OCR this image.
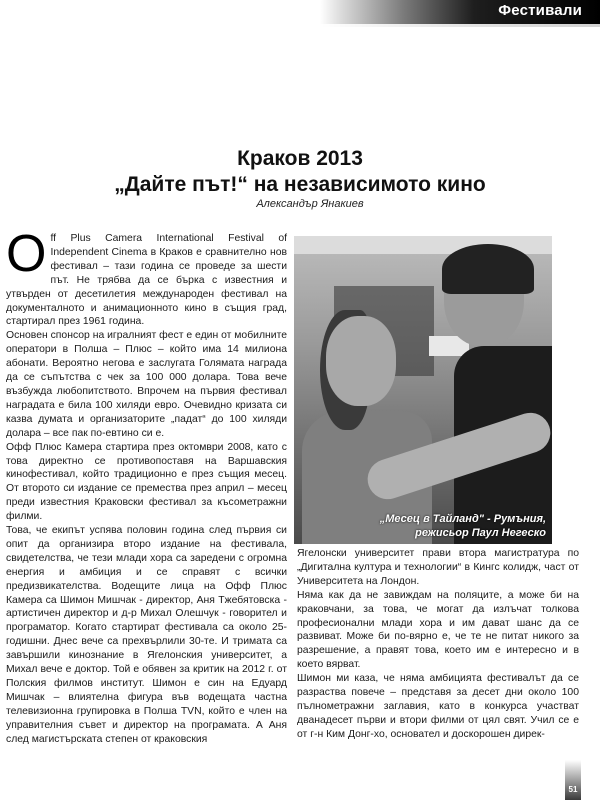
Фестивали
Краков 2013
„Дайте път!“ на независимото кино
Александър Янакиев

Off Plus Camera International Festival of Independent Cinema в Краков е сравнително нов фестивал – тази година се проведе за шести път. Не трябва да се бърка с известния и утвърден от десетилетия международен фестивал на документалното и анимационното кино в същия град, стартирал през 1961 година.

Основен спонсор на игралният фест е един от мобилните оператори в Полша – Плюс – който има 14 милиона абонати. Вероятно негова е заслугата Голямата награда да се съпътства с чек за 100 000 долара. Това вече възбужда любопитството. Впрочем на първия фестивал наградата е била 100 хиляди евро. Очевидно кризата си казва думата и организаторите „падат“ до 100 хиляди долара – все пак по-евтино си е.

Офф Плюс Камера стартира през октомври 2008, като с това директно се противопоставя на Варшавския кинофестивал, който традиционно е през същия месец. От второто си издание се премества през април – месец преди известния Краковски фестивал за късометражни филми.

Това, че екипът успява половин година след първия си опит да организира второ издание на фестивала, свидетелства, че тези млади хора са заредени с огромна енергия и амбиция и се справят с всички предизвикателства. Водещите лица на Офф Плюс Камера са Шимон Мишчак - директор, Аня Тжебятовска - артистичен директор и д-р Михал Олешчук - говорител и програматор. Когато стартират фестивала са около 25-годишни. Днес вече са прехвърлили 30-те. И тримата са завършили кинознание в Ягелонския университет, а Михал вече е доктор. Той е обявен за критик на 2012 г. от Полския филмов институт. Шимон е син на Едуард Мишчак – влиятелна фигура във водещата частна телевизионна групировка в Полша TVN, който е член на управителния съвет и директор на програмата. А Аня след магистърската степен от краковския

„Месец в Тайланд" - Румъния,
режисьор Паул Негеско

Ягелонски университет прави втора магистратура по „Дигитална култура и технологии“ в Кингс колидж, част от Университета на Лондон.

Няма как да не завиждам на поляците, а може би на краковчани, за това, че могат да излъчат толкова професионални млади хора и им дават шанс да се развиват. Може би по-вярно е, че те не питат никого за разрешение, а правят това, което им е интересно и в което вярват.

Шимон ми каза, че няма амбицията фестивалът да се разраства повече – представя за десет дни около 100 пълнометражни заглавия, като в конкурса участват дванадесет първи и втори филми от цял свят. Учил се е от г-н Ким Донг-хо, основател и доскорошен дирек-

51
